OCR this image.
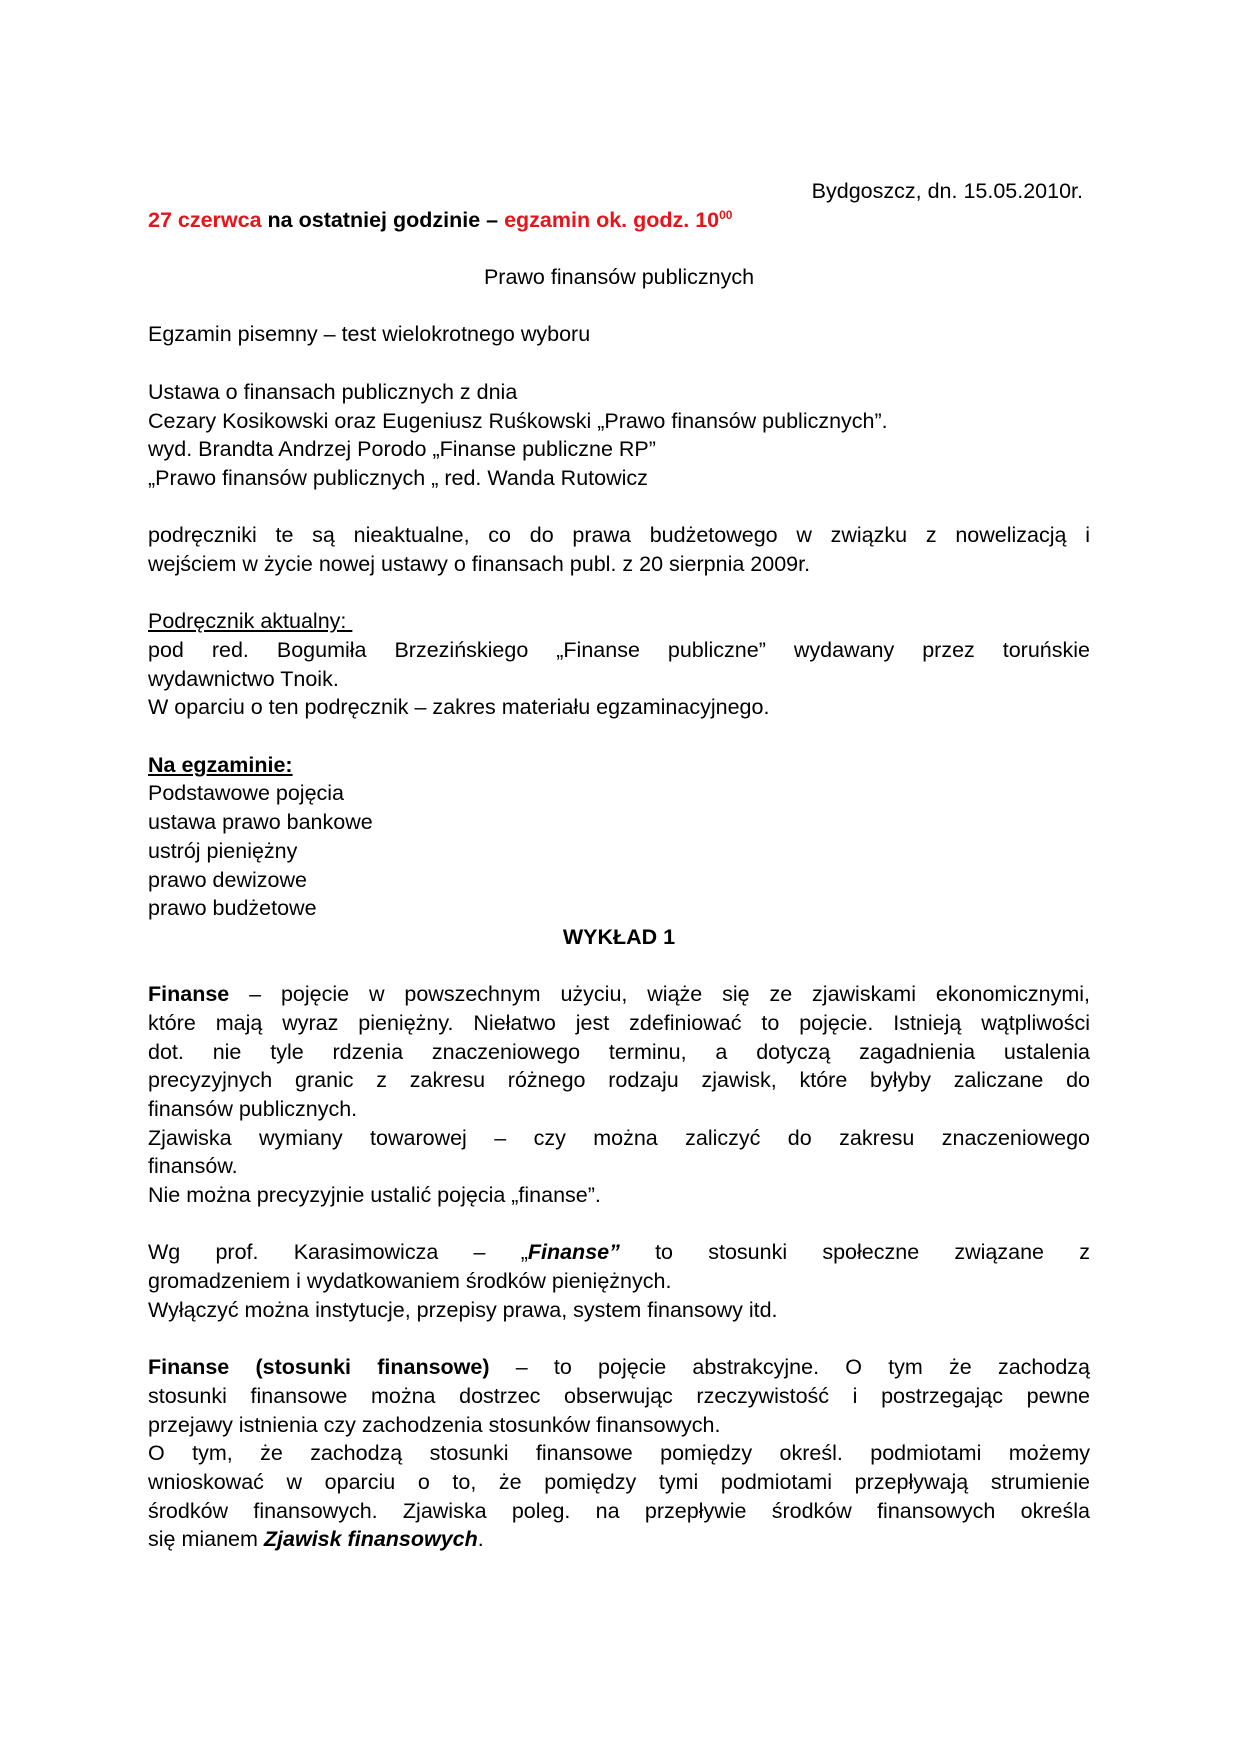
Bydgoszcz, dn. 15.05.2010r.
27 czerwca na ostatniej godzinie – egzamin ok. godz. $10^{00}$
Prawo finansów publicznych
Egzamin pisemny – test wielokrotnego wyboru
Ustawa o finansach publicznych z dnia
Cezary Kosikowski oraz Eugeniusz Ruśkowski „Prawo finansów publicznych”.
wyd. Brandta Andrzej Porodo „Finanse publiczne RP”
„Prawo finansów publicznych „ red. Wanda Rutowicz
podręczniki te są nieaktualne, co do prawa budżetowego w związku z nowelizacją i
wejściem w życie nowej ustawy o finansach publ. z 20 sierpnia 2009r.
Podręcznik aktualny:
pod red. Bogumiła Brzezińskiego „Finanse publiczne” wydawany przez toruńskie
wydawnictwo Tnoik.
W oparciu o ten podręcznik – zakres materiału egzaminacyjnego.
Na egzaminie:
Podstawowe pojęcia
ustawa prawo bankowe
ustrój pieniężny
prawo dewizowe
prawo budżetowe
WYKŁAD 1
Finanse – pojęcie w powszechnym użyciu, wiąże się ze zjawiskami ekonomicznymi,
które mają wyraz pieniężny. Niełatwo jest zdefiniować to pojęcie. Istnieją wątpliwości
dot. nie tyle rdzenia znaczeniowego terminu, a dotyczą zagadnienia ustalenia
precyzyjnych granic z zakresu różnego rodzaju zjawisk, które byłyby zaliczane do
finansów publicznych.
Zjawiska wymiany towarowej – czy można zaliczyć do zakresu znaczeniowego
finansów.
Nie można precyzyjnie ustalić pojęcia „finanse”.
Wg prof. Karasimowicza – „Finanse” to stosunki społeczne związane z
gromadzeniem i wydatkowaniem środków pieniężnych.
Wyłączyć można instytucje, przepisy prawa, system finansowy itd.
Finanse (stosunki finansowe) – to pojęcie abstrakcyjne. O tym że zachodzą
stosunki finansowe można dostrzec obserwując rzeczywistość i postrzegając pewne
przejawy istnienia czy zachodzenia stosunków finansowych.
O tym, że zachodzą stosunki finansowe pomiędzy określ. podmiotami możemy
wnioskować w oparciu o to, że pomiędzy tymi podmiotami przepływają strumienie
środków finansowych. Zjawiska poleg. na przepływie środków finansowych określa
się mianem Zjawisk finansowych.
